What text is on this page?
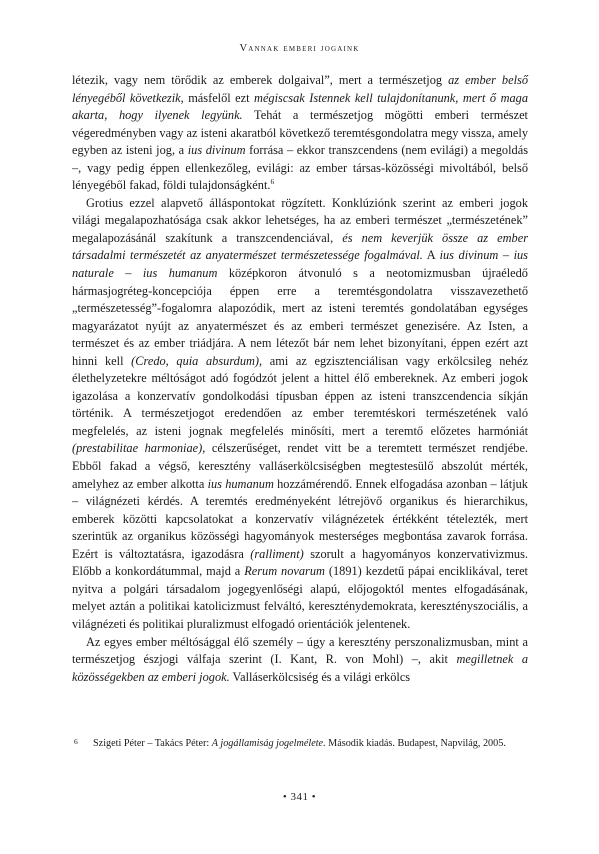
Vannak emberi jogaink

létezik, vagy nem törődik az emberek dolgaival”, mert a természetjog az ember belső lényegéből következik, másfelől ezt mégiscsak Istennek kell tulajdonítanunk, mert ő maga akarta, hogy ilyenek legyünk. Tehát a természetjog mögötti emberi természet végeredményben vagy az isteni akaratból következő teremtésgondolatra megy vissza, amely egyben az isteni jog, a ius divinum forrása – ekkor transzcendens (nem evilági) a megoldás –, vagy pedig éppen ellenkezőleg, evilági: az ember társas-közösségi mivoltából, belső lényegéből fakad, földi tulajdonságként.$^6$

Grotius ezzel alapvető álláspontokat rögzített. Konklúziónk szerint az emberi jogok világi megalapozhatósága csak akkor lehetséges, ha az emberi természet „természetének” megalapozásánál szakítunk a transzcendenciával, és nem keverjük össze az ember társadalmi természetét az anyatermészet természetessége fogalmával. A ius divinum – ius naturale – ius humanum középkoron átvonuló s a neotomizmusban újraéledő hármasjogréteg-koncepciója éppen erre a teremtésgondolatra visszavezethető „természetesség”-fogalomra alapozódik, mert az isteni teremtés gondolatában egységes magyarázatot nyújt az anyatermészet és az emberi természet genezisére. Az Isten, a természet és az ember triádjára. A nem létezőt bár nem lehet bizonyítani, éppen ezért azt hinni kell (Credo, quia absurdum), ami az egzisztenciálisan vagy erkölcsileg nehéz élethelyzetekre méltóságot adó fogódzót jelent a hittel élő embereknek. Az emberi jogok igazolása a konzervatív gondolkodási típusban éppen az isteni transzcendencia síkján történik. A természetjogot eredendően az ember teremtéskori természetének való megfelelés, az isteni jognak megfelelés minősíti, mert a teremtő előzetes harmóniát (prestabilitae harmoniae), célszerűséget, rendet vitt be a teremtett természet rendjébe. Ebből fakad a végső, keresztény valláserkölcsiségben megtestesülő abszolút mérték, amelyhez az ember alkotta ius humanum hozzámérendő. Ennek elfogadása azonban – látjuk – világnézeti kérdés. A teremtés eredményeként létrejövő organikus és hierarchikus, emberek közötti kapcsolatokat a konzervatív világnézetek értékként tételezték, mert szerintük az organikus közösségi hagyományok mesterséges megbontása zavarok forrása. Ezért is változtatásra, igazodásra (ralliment) szorult a hagyományos konzervativizmus. Előbb a konkordátummal, majd a Rerum novarum (1891) kezdetű pápai enciklikával, teret nyitva a polgári társadalom jogegyenlőségi alapú, előjogoktól mentes elfogadásának, melyet aztán a politikai katolicizmust felváltó, kereszténydemokrata, keresztényszociális, a világnézeti és politikai pluralizmust elfogadó orientációk jelentenek.

Az egyes ember méltósággal élő személy – úgy a keresztény perszonalizmusban, mint a természetjog észjogi válfaja szerint (I. Kant, R. von Mohl) –, akit megilletnek a közösségekben az emberi jogok. Valláserkölcsiség és a világi erkölcs

6 Szigeti Péter – Takács Péter: A jogállamiság jogelmélete. Második kiadás. Budapest, Napvilág, 2005.
• 341 •
